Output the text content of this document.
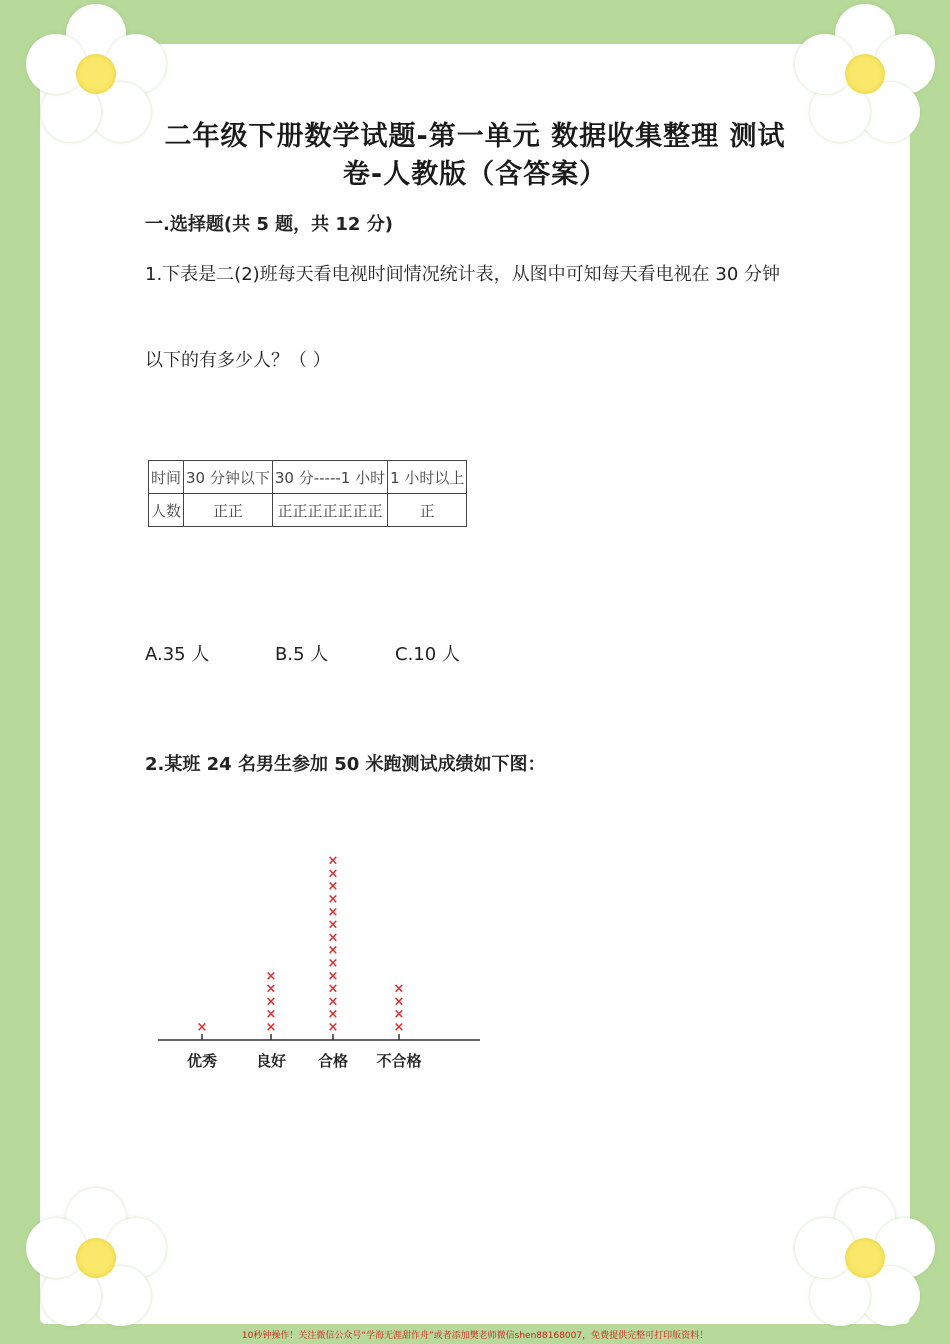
二年级下册数学试题-第一单元 数据收集整理 测试
卷-人教版（含答案）
一.选择题(共 5 题，共 12 分)
1.下表是二(2)班每天看电视时间情况统计表，从图中可知每天看电视在 30 分钟
以下的有多少人？（ ）
时间	30 分钟以下	30 分-----1 小时	1 小时以上
人数	正正	正正正正正正正	正
A.35 人	B.5 人	C.10 人
2.某班 24 名男生参加 50 米跑测试成绩如下图：
优秀
×
良好
×
×
×
×
×
合格
×
×
×
×
×
×
×
×
×
×
×
×
×
×
不合格
×
×
×
×
10秒钟操作！关注微信公众号“学海无涯甜作舟”或者添加樊老师微信shen88168007，免费提供完整可打印版资料！
